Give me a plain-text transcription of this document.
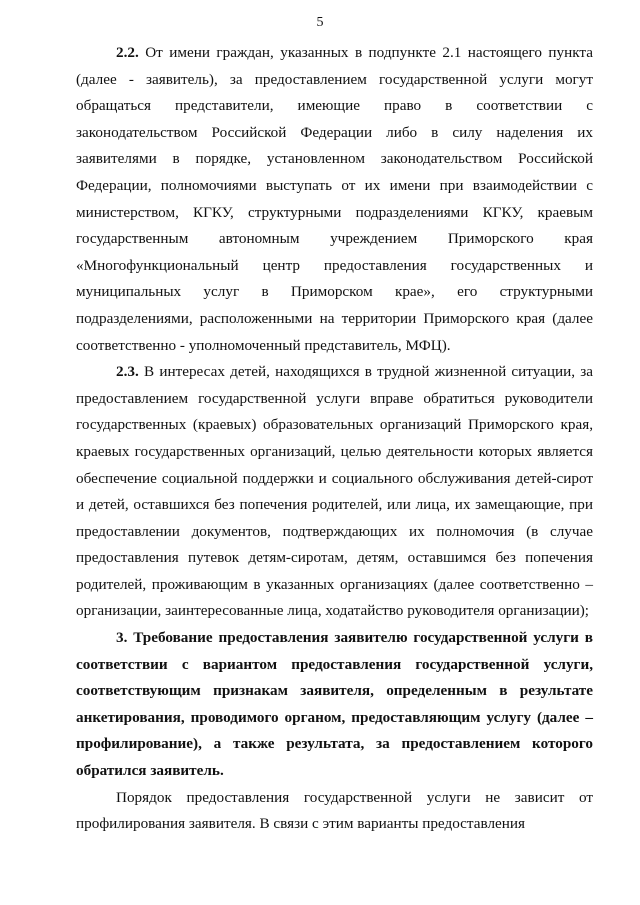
5

2.2. От имени граждан, указанных в подпункте 2.1 настоящего пункта (далее - заявитель), за предоставлением государственной услуги могут обращаться представители, имеющие право в соответствии с законодательством Российской Федерации либо в силу наделения их заявителями в порядке, установленном законодательством Российской Федерации, полномочиями выступать от их имени при взаимодействии с министерством, КГКУ, структурными подразделениями КГКУ, краевым государственным автономным учреждением Приморского края «Многофункциональный центр предоставления государственных и муниципальных услуг в Приморском крае», его структурными подразделениями, расположенными на территории Приморского края (далее соответственно - уполномоченный представитель, МФЦ).

2.3. В интересах детей, находящихся в трудной жизненной ситуации, за предоставлением государственной услуги вправе обратиться руководители государственных (краевых) образовательных организаций Приморского края, краевых государственных организаций, целью деятельности которых является обеспечение социальной поддержки и социального обслуживания детей-сирот и детей, оставшихся без попечения родителей, или лица, их замещающие, при предоставлении документов, подтверждающих их полномочия (в случае предоставления путевок детям-сиротам, детям, оставшимся без попечения родителей, проживающим в указанных организациях (далее соответственно – организации, заинтересованные лица, ходатайство руководителя организации);

3. Требование предоставления заявителю государственной услуги в соответствии с вариантом предоставления государственной услуги, соответствующим признакам заявителя, определенным в результате анкетирования, проводимого органом, предоставляющим услугу (далее – профилирование), а также результата, за предоставлением которого обратился заявитель.

Порядок предоставления государственной услуги не зависит от профилирования заявителя. В связи с этим варианты предоставления
